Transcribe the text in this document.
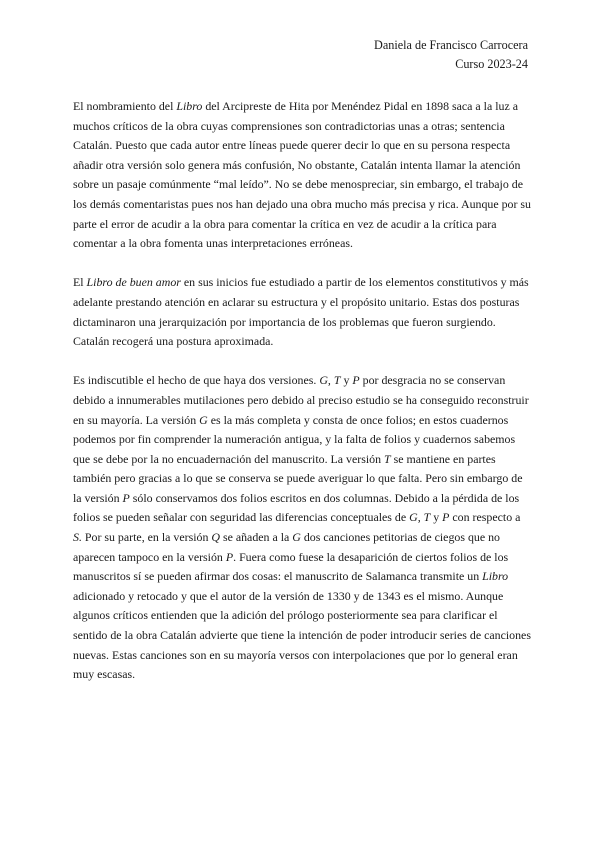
Daniela de Francisco Carrocera
Curso 2023-24

El nombramiento del Libro del Arcipreste de Hita por Menéndez Pidal en 1898 saca a la luz a muchos críticos de la obra cuyas comprensiones son contradictorias unas a otras; sentencia Catalán. Puesto que cada autor entre líneas puede querer decir lo que en su persona respecta añadir otra versión solo genera más confusión, No obstante, Catalán intenta llamar la atención sobre un pasaje comúnmente “mal leído”. No se debe menospreciar, sin embargo, el trabajo de los demás comentaristas pues nos han dejado una obra mucho más precisa y rica. Aunque por su parte el error de acudir a la obra para comentar la crítica en vez de acudir a la crítica para comentar a la obra fomenta unas interpretaciones erróneas.

El Libro de buen amor en sus inicios fue estudiado a partir de los elementos constitutivos y más adelante prestando atención en aclarar su estructura y el propósito unitario. Estas dos posturas dictaminaron una jerarquización por importancia de los problemas que fueron surgiendo. Catalán recogerá una postura aproximada.

Es indiscutible el hecho de que haya dos versiones. G, T y P por desgracia no se conservan debido a innumerables mutilaciones pero debido al preciso estudio se ha conseguido reconstruir en su mayoría. La versión G es la más completa y consta de once folios; en estos cuadernos podemos por fin comprender la numeración antigua, y la falta de folios y cuadernos sabemos que se debe por la no encuadernación del manuscrito. La versión T se mantiene en partes también pero gracias a lo que se conserva se puede averiguar lo que falta. Pero sin embargo de la versión P sólo conservamos dos folios escritos en dos columnas. Debido a la pérdida de los folios se pueden señalar con seguridad las diferencias conceptuales de G, T y P con respecto a S. Por su parte, en la versión Q se añaden a la G dos canciones petitorias de ciegos que no aparecen tampoco en la versión P. Fuera como fuese la desaparición de ciertos folios de los manuscritos sí se pueden afirmar dos cosas: el manuscrito de Salamanca transmite un Libro adicionado y retocado y que el autor de la versión de 1330 y de 1343 es el mismo. Aunque algunos críticos entienden que la adición del prólogo posteriormente sea para clarificar el sentido de la obra Catalán advierte que tiene la intención de poder introducir series de canciones nuevas. Estas canciones son en su mayoría versos con interpolaciones que por lo general eran muy escasas.
